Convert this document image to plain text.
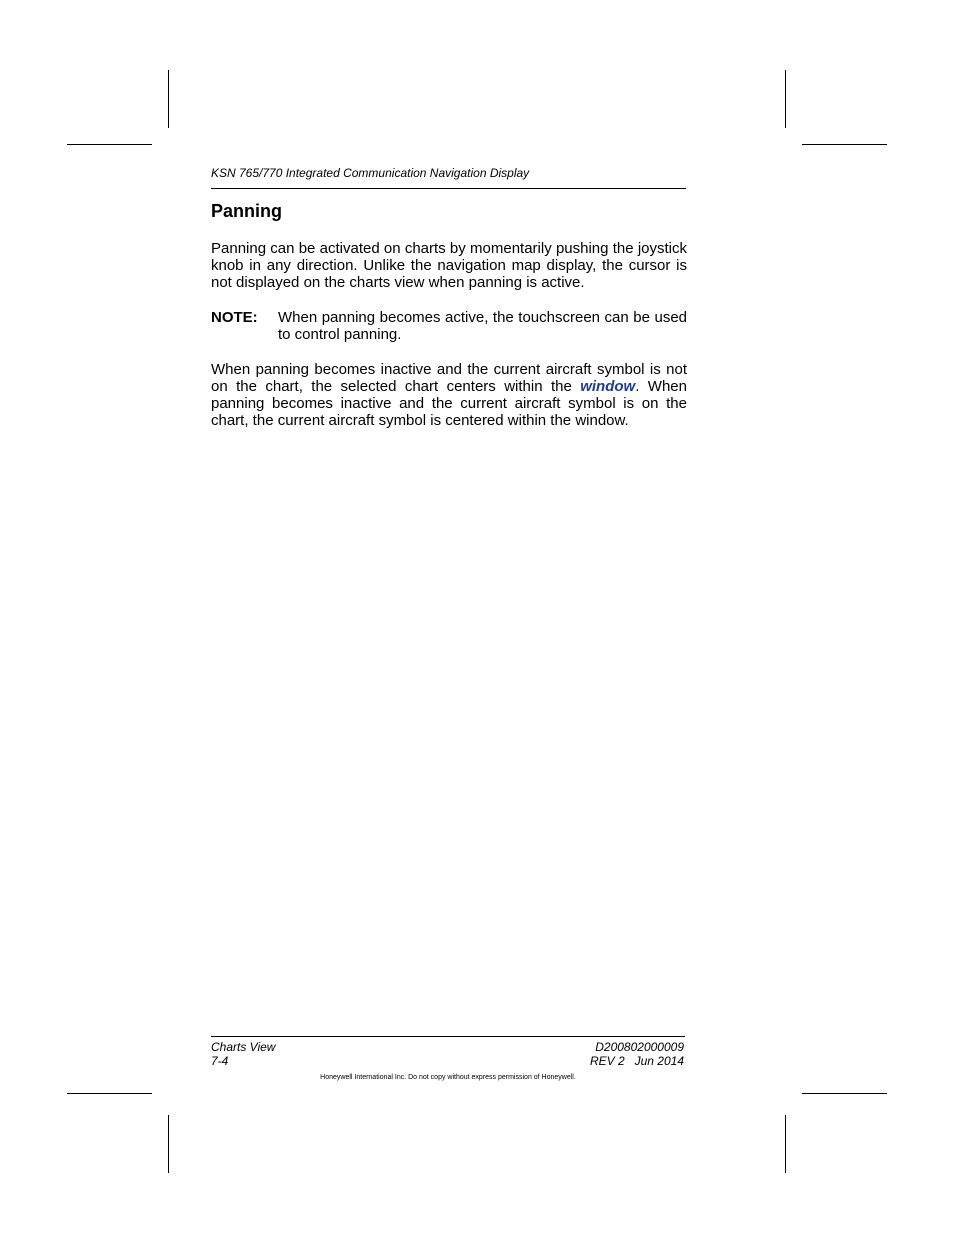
KSN 765/770 Integrated Communication Navigation Display
Panning

Panning can be activated on charts by momentarily pushing the joystick knob in any direction. Unlike the navigation map display, the cursor is not displayed on the charts view when panning is active.

NOTE: When panning becomes active, the touchscreen can be used to control panning.

When panning becomes inactive and the current aircraft symbol is not on the chart, the selected chart centers within the window. When panning becomes inactive and the current aircraft symbol is on the chart, the current aircraft symbol is centered within the window.

Charts View
7-4
D200802000009
REV 2   Jun 2014
Honeywell International Inc. Do not copy without express permission of Honeywell.
